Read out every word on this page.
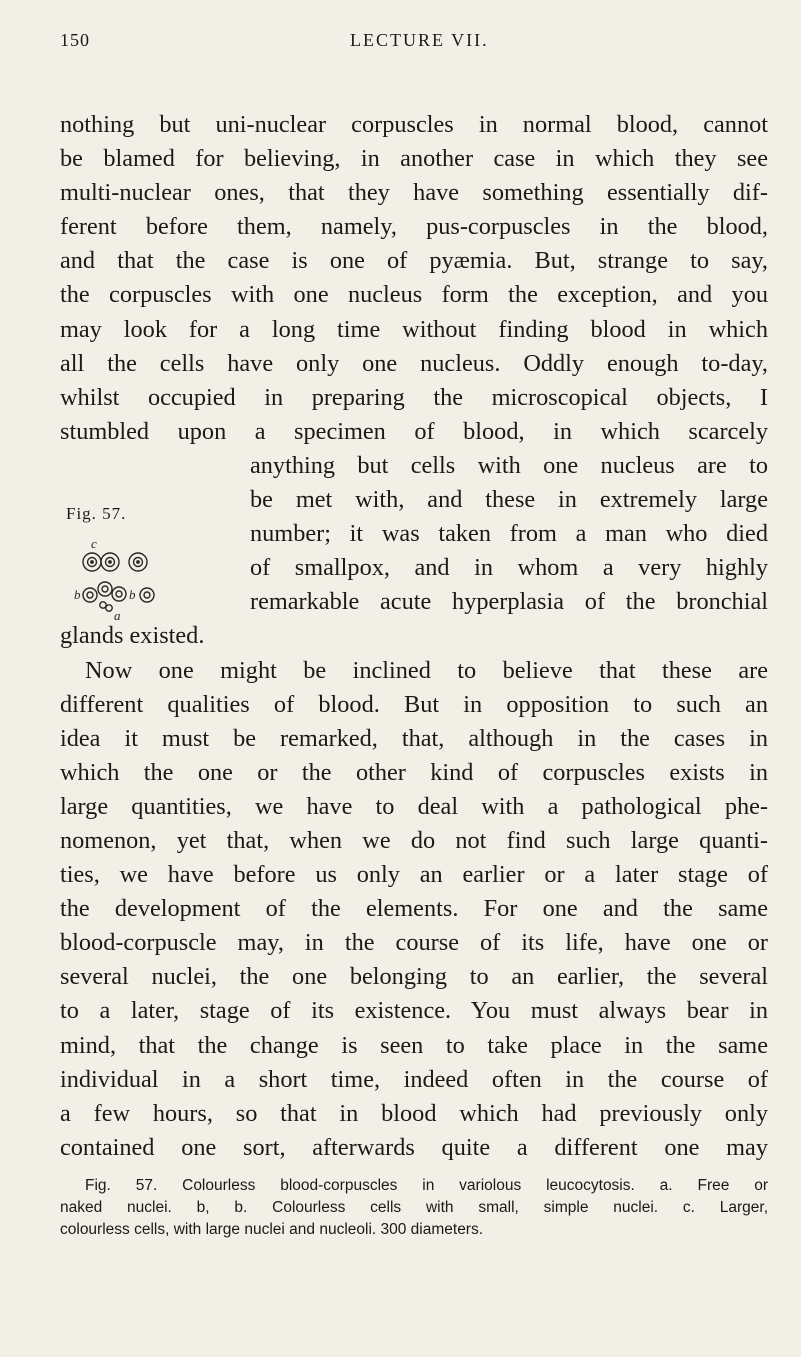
150	LECTURE VII.
nothing but uni-nuclear corpuscles in normal blood, cannot
be blamed for believing, in another case in which they see
multi-nuclear ones, that they have something essentially dif-
ferent before them, namely, pus-corpuscles in the blood,
and that the case is one of pyæmia. But, strange to say,
the corpuscles with one nucleus form the exception, and you
may look for a long time without finding blood in which
all the cells have only one nucleus. Oddly enough to-day,
whilst occupied in preparing the microscopical objects, I
stumbled upon a specimen of blood, in which scarcely
anything but cells with one nucleus are to
be met with, and these in extremely large
number; it was taken from a man who died
of smallpox, and in whom a very highly
remarkable acute hyperplasia of the bronchial
glands existed.
Now one might be inclined to believe that these are
different qualities of blood. But in opposition to such an
idea it must be remarked, that, although in the cases in
which the one or the other kind of corpuscles exists in
large quantities, we have to deal with a pathological phe-
nomenon, yet that, when we do not find such large quanti-
ties, we have before us only an earlier or a later stage of
the development of the elements. For one and the same
blood-corpuscle may, in the course of its life, have one or
several nuclei, the one belonging to an earlier, the several
to a later, stage of its existence. You must always bear in
mind, that the change is seen to take place in the same
individual in a short time, indeed often in the course of
a few hours, so that in blood which had previously only
contained one sort, afterwards quite a different one may
Fig. 57.
c
b	b
a
Fig. 57. Colourless blood-corpuscles in variolous leucocytosis. a. Free or
naked nuclei. b, b. Colourless cells with small, simple nuclei. c. Larger,
colourless cells, with large nuclei and nucleoli. 300 diameters.
